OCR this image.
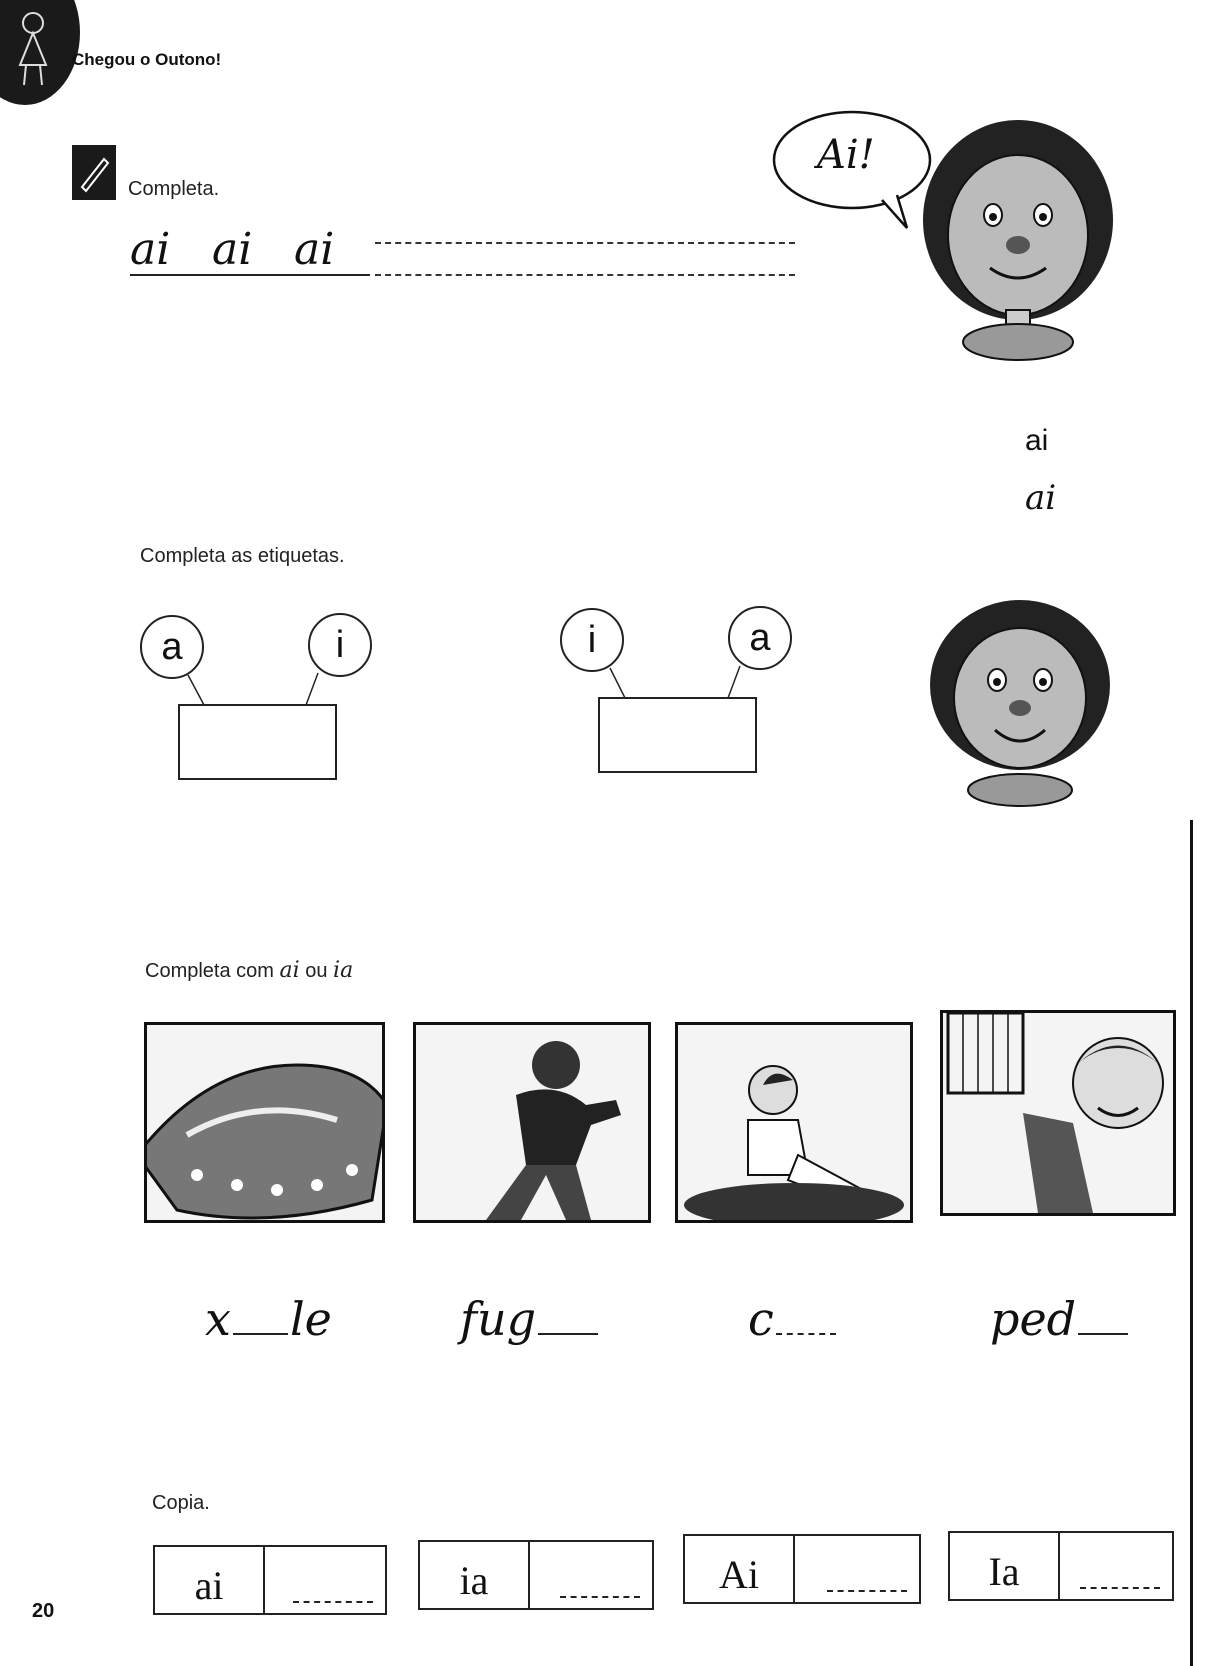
Chegou o Outono!
Completa.
ai ai ai
Ai!
ai
ai
Completa as etiquetas.
a	i	i	a
Completa com ai ou ia
x le	fug	c	ped
Copia.
ai	ia	Ai	Ia
20
